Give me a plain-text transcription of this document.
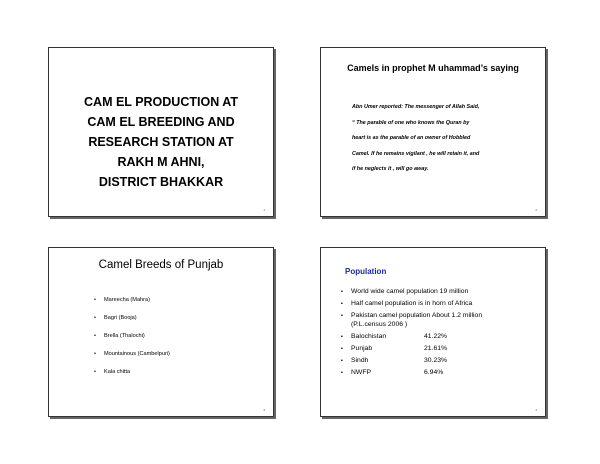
CAM EL PRODUCTION AT
CAM EL BREEDING AND
RESEARCH STATION AT
RAKH M AHNI,
DISTRICT BHAKKAR
1
Camels in prophet M uhammad’s saying
Abn Umer reported: The messenger of Allah Said,
“ The parable of one who knows the Quran by
heart is as the parable of an owner of Hobbled
Camel. If he remains vigilant , he will retain it, and
if he neglects it , will go away.
2
Camel Breeds of Punjab
• Mareecha (Mahra)
• Bagri (Booja)
• Brella (Thalochi)
• Mountainous (Cambelpuri)
• Kala chitta
3
Population
▪ World wide camel population 19 million
▪ Half camel population is in horn of Africa
▪ Pakistan camel population About 1.2 million
(P.L.census 2006 )
▪ Balochistan	41.22%
▪ Punjab	21.61%
▪ Sindh	30.23%
▪ NWFP	6.94%
4
